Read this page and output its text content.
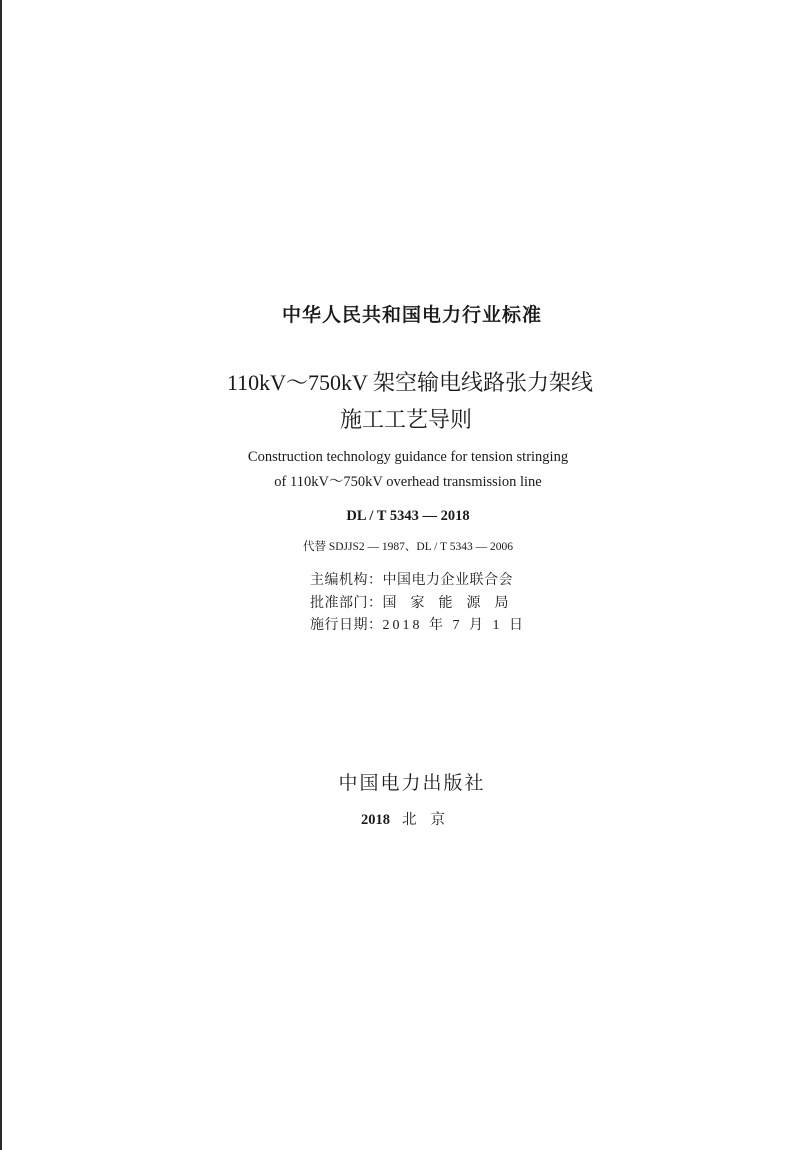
中华人民共和国电力行业标准
110kV～750kV 架空输电线路张力架线
施工工艺导则
Construction technology guidance for tension stringing
of 110kV～750kV overhead transmission line
DL / T 5343 — 2018
代替 SDJJS2 — 1987、DL / T 5343 — 2006
主编机构：中国电力企业联合会
批准部门：国家能源局
施行日期：2018 年 7 月 1 日
中国电力出版社
2018 北京
